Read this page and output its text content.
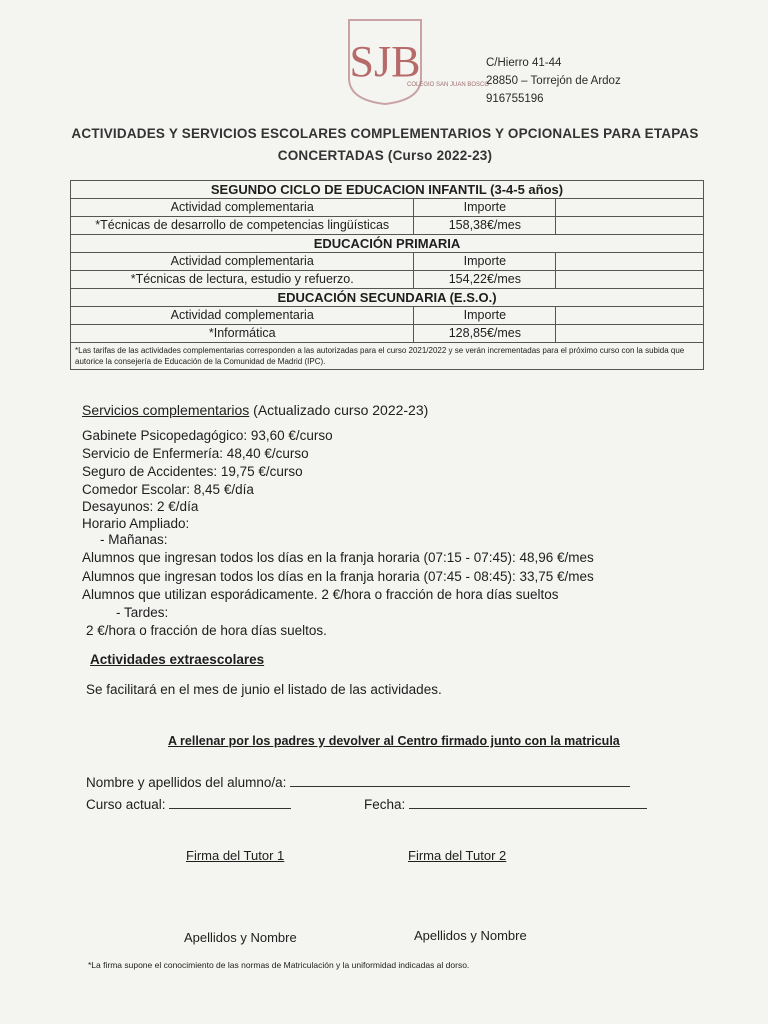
SJB
COLEGIO SAN JUAN BOSCO
C/Hierro 41-44
28850 – Torrejón de Ardoz
916755196
ACTIVIDADES Y SERVICIOS ESCOLARES COMPLEMENTARIOS Y OPCIONALES PARA ETAPAS
CONCERTADAS (Curso 2022-23)
SEGUNDO CICLO DE EDUCACION INFANTIL (3-4-5 años)		
Actividad complementaria	Importe	
*Técnicas de desarrollo de competencias lingüísticas	158,38€/mes	
EDUCACIÓN PRIMARIA		
Actividad complementaria	Importe	
*Técnicas de lectura, estudio y refuerzo.	154,22€/mes	
EDUCACIÓN SECUNDARIA (E.S.O.)		
Actividad complementaria	Importe	
*Informática	128,85€/mes	
*Las tarifas de las actividades complementarias corresponden a las autorizadas para el curso 2021/2022 y se verán incrementadas para el próximo curso con la subida que autorice la consejería de Educación de la Comunidad de Madrid (IPC).		
Servicios complementarios (Actualizado curso 2022-23)
Gabinete Psicopedagógico: 93,60 €/curso
Servicio de Enfermería: 48,40 €/curso
Seguro de Accidentes: 19,75 €/curso
Comedor Escolar: 8,45 €/día
Desayunos: 2 €/día
Horario Ampliado:
- Mañanas:
Alumnos que ingresan todos los días en la franja horaria (07:15 - 07:45): 48,96 €/mes
Alumnos que ingresan todos los días en la franja horaria (07:45 - 08:45): 33,75 €/mes
Alumnos que utilizan esporádicamente. 2 €/hora o fracción de hora días sueltos
- Tardes:
2 €/hora o fracción de hora días sueltos.
Actividades extraescolares
Se facilitará en el mes de junio el listado de las actividades.
A rellenar por los padres y devolver al Centro firmado junto con la matricula
Nombre y apellidos del alumno/a:
Curso actual:	Fecha:
Firma del Tutor 1	Firma del Tutor 2
Apellidos y Nombre	Apellidos y Nombre
*La firma supone el conocimiento de las normas de Matriculación y la uniformidad indicadas al dorso.
